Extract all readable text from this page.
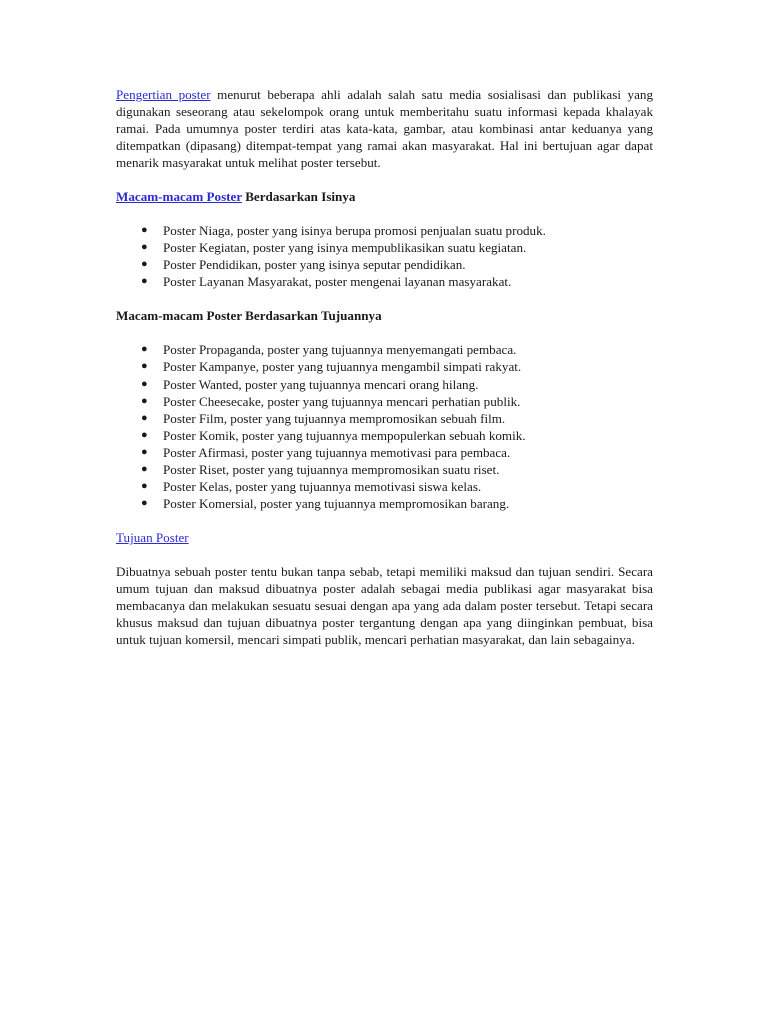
Pengertian poster menurut beberapa ahli adalah salah satu media sosialisasi dan publikasi yang digunakan seseorang atau sekelompok orang untuk memberitahu suatu informasi kepada khalayak ramai. Pada umumnya poster terdiri atas kata-kata, gambar, atau kombinasi antar keduanya yang ditempatkan (dipasang) ditempat-tempat yang ramai akan masyarakat. Hal ini bertujuan agar dapat menarik masyarakat untuk melihat poster tersebut.

Macam-macam Poster Berdasarkan Isinya

● Poster Niaga, poster yang isinya berupa promosi penjualan suatu produk.
● Poster Kegiatan, poster yang isinya mempublikasikan suatu kegiatan.
● Poster Pendidikan, poster yang isinya seputar pendidikan.
● Poster Layanan Masyarakat, poster mengenai layanan masyarakat.

Macam-macam Poster Berdasarkan Tujuannya

● Poster Propaganda, poster yang tujuannya menyemangati pembaca.
● Poster Kampanye, poster yang tujuannya mengambil simpati rakyat.
● Poster Wanted, poster yang tujuannya mencari orang hilang.
● Poster Cheesecake, poster yang tujuannya mencari perhatian publik.
● Poster Film, poster yang tujuannya mempromosikan sebuah film.
● Poster Komik, poster yang tujuannya mempopulerkan sebuah komik.
● Poster Afirmasi, poster yang tujuannya memotivasi para pembaca.
● Poster Riset, poster yang tujuannya mempromosikan suatu riset.
● Poster Kelas, poster yang tujuannya memotivasi siswa kelas.
● Poster Komersial, poster yang tujuannya mempromosikan barang.

Tujuan Poster

Dibuatnya sebuah poster tentu bukan tanpa sebab, tetapi memiliki maksud dan tujuan sendiri. Secara umum tujuan dan maksud dibuatnya poster adalah sebagai media publikasi agar masyarakat bisa membacanya dan melakukan sesuatu sesuai dengan apa yang ada dalam poster tersebut. Tetapi secara khusus maksud dan tujuan dibuatnya poster tergantung dengan apa yang diinginkan pembuat, bisa untuk tujuan komersil, mencari simpati publik, mencari perhatian masyarakat, dan lain sebagainya.
